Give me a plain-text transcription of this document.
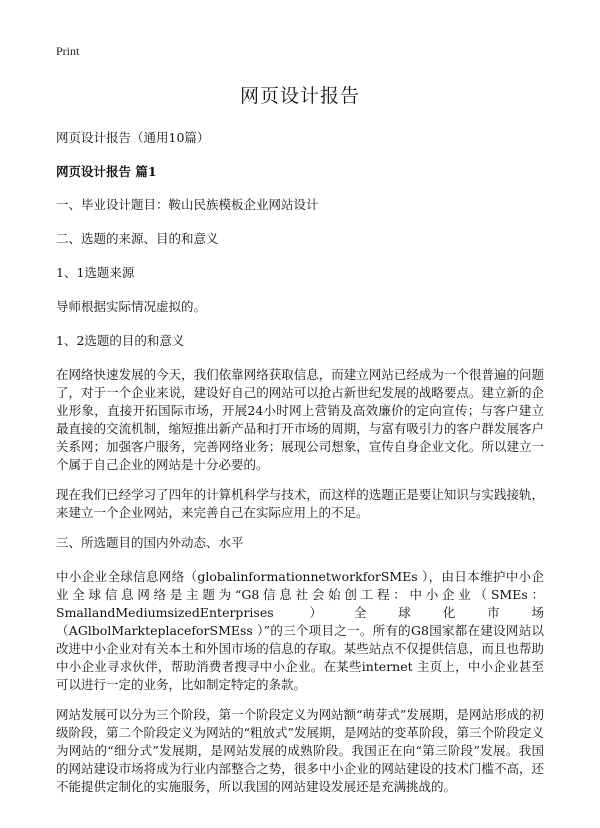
Print
网页设计报告

网页设计报告（通用10篇）

网页设计报告 篇1

一、毕业设计题目：鞍山民族模板企业网站设计

二、选题的来源、目的和意义

1、1选题来源

导师根据实际情况虚拟的。

1、2选题的目的和意义

在网络快速发展的今天，我们依靠网络获取信息，而建立网站已经成为一个很普遍的问题了，对于一个企业来说，建设好自己的网站可以抢占新世纪发展的战略要点。建立新的企业形象，直接开拓国际市场，开展24小时网上营销及高效廉价的定向宣传；与客户建立最直接的交流机制，缩短推出新产品和打开市场的周期，与富有吸引力的客户群发展客户关系网；加强客户服务，完善网络业务；展现公司想象，宣传自身企业文化。所以建立一个属于自己企业的网站是十分必要的。

现在我们已经学习了四年的计算机科学与技术，而这样的选题正是要让知识与实践接轨，来建立一个企业网站，来完善自己在实际应用上的不足。

三、所选题目的国内外动态、水平

中小企业全球信息网络（globalinformationnetworkforSMEs ），由日本维护中小企业全球信息网络是主题为“G8信息社会始创工程：中小企业（SMEs：SmallandMediumsizedEnterprises ）全球化市场（AGlbolMarkteplaceforSMEss ）”的三个项目之一。所有的G8国家都在建设网站以改进中小企业对有关本土和外国市场的信息的存取。某些站点不仅提供信息，而且也帮助中小企业寻求伙伴，帮助消费者搜寻中小企业。在某些internet 主页上，中小企业甚至可以进行一定的业务，比如制定特定的条款。

网站发展可以分为三个阶段，第一个阶段定义为网站额“萌芽式”发展期，是网站形成的初级阶段，第二个阶段定义为网站的“粗放式”发展期，是网站的变革阶段，第三个阶段定义为网站的“细分式”发展期，是网站发展的成熟阶段。我国正在向“第三阶段”发展。我国的网站建设市场将成为行业内部整合之势，很多中小企业的网站建设的技术门槛不高，还不能提供定制化的实施服务，所以我国的网站建设发展还是充满挑战的。
